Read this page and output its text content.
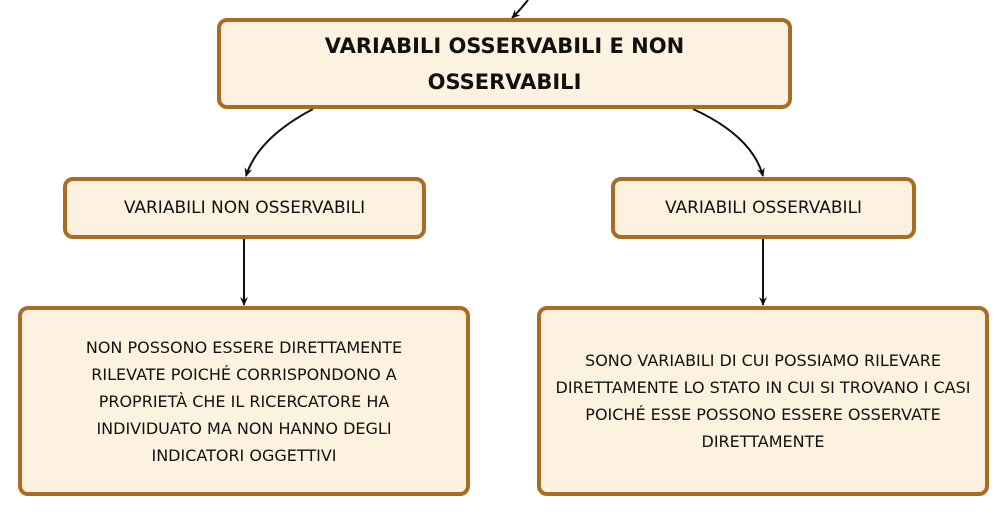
VARIABILI OSSERVABILI E NON OSSERVABILI
VARIABILI NON OSSERVABILI	VARIABILI OSSERVABILI
NON POSSONO ESSERE DIRETTAMENTE RILEVATE POICHÉ CORRISPONDONO A PROPRIETÀ CHE IL RICERCATORE HA INDIVIDUATO MA NON HANNO DEGLI INDICATORI OGGETTIVI
SONO VARIABILI DI CUI POSSIAMO RILEVARE DIRETTAMENTE LO STATO IN CUI SI TROVANO I CASI POICHÉ ESSE POSSONO ESSERE OSSERVATE DIRETTAMENTE
